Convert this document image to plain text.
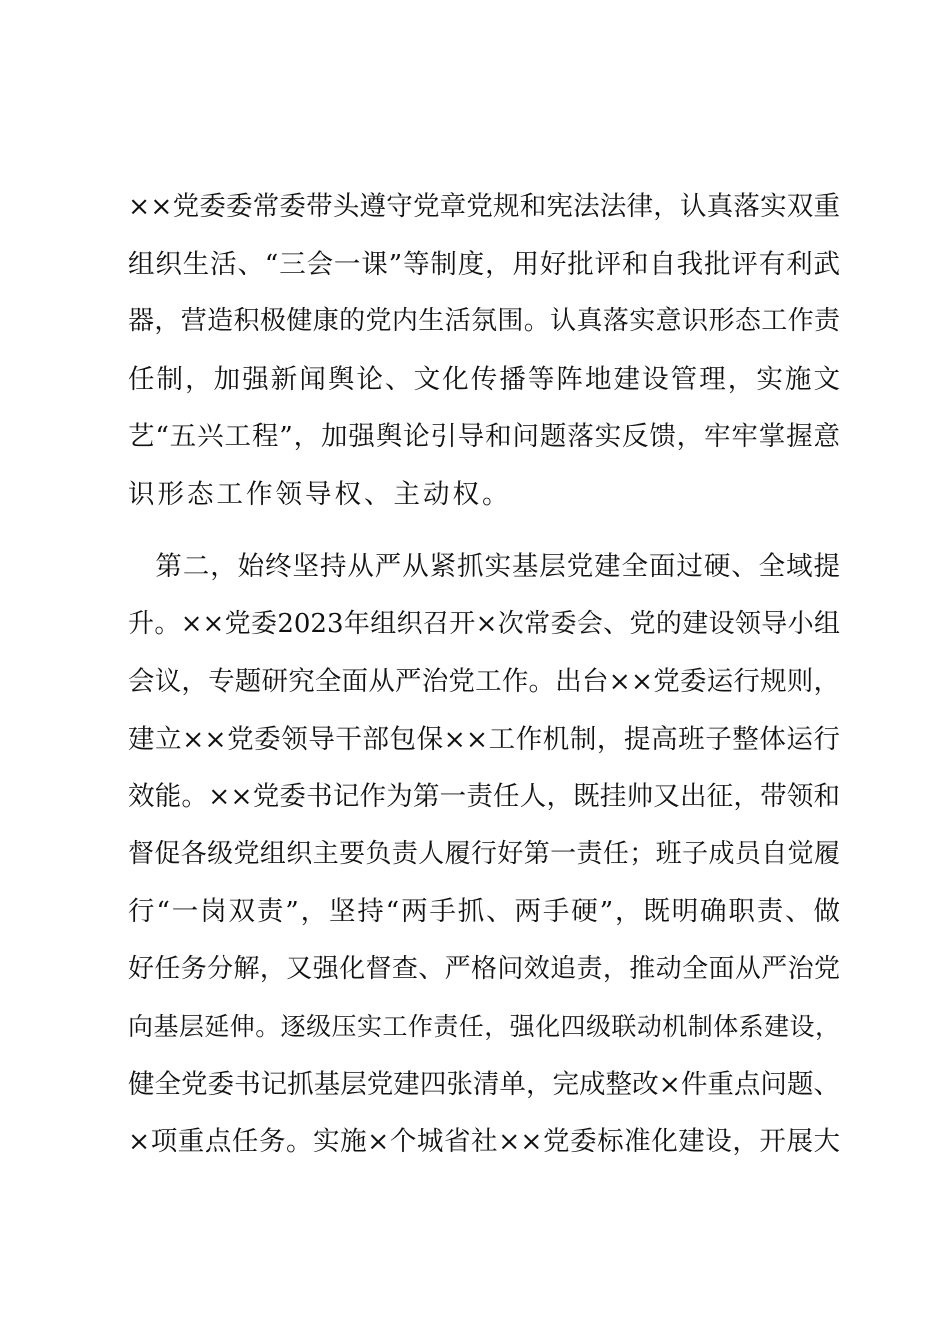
××党委委常委带头遵守党章党规和宪法法律，认真落实双重
组织生活、“三会一课”等制度，用好批评和自我批评有利武
器，营造积极健康的党内生活氛围。认真落实意识形态工作责
任制，加强新闻舆论、文化传播等阵地建设管理，实施文
艺“五兴工程”，加强舆论引导和问题落实反馈，牢牢掌握意
识形态工作领导权、主动权。
　第二，始终坚持从严从紧抓实基层党建全面过硬、全域提
升。××党委2023年组织召开×次常委会、党的建设领导小组
会议，专题研究全面从严治党工作。出台××党委运行规则，
建立××党委领导干部包保××工作机制，提高班子整体运行
效能。××党委书记作为第一责任人，既挂帅又出征，带领和
督促各级党组织主要负责人履行好第一责任；班子成员自觉履
行“一岗双责”，坚持“两手抓、两手硬”，既明确职责、做
好任务分解，又强化督查、严格问效追责，推动全面从严治党
向基层延伸。逐级压实工作责任，强化四级联动机制体系建设，
健全党委书记抓基层党建四张清单，完成整改×件重点问题、
×项重点任务。实施×个城省社××党委标准化建设，开展大
